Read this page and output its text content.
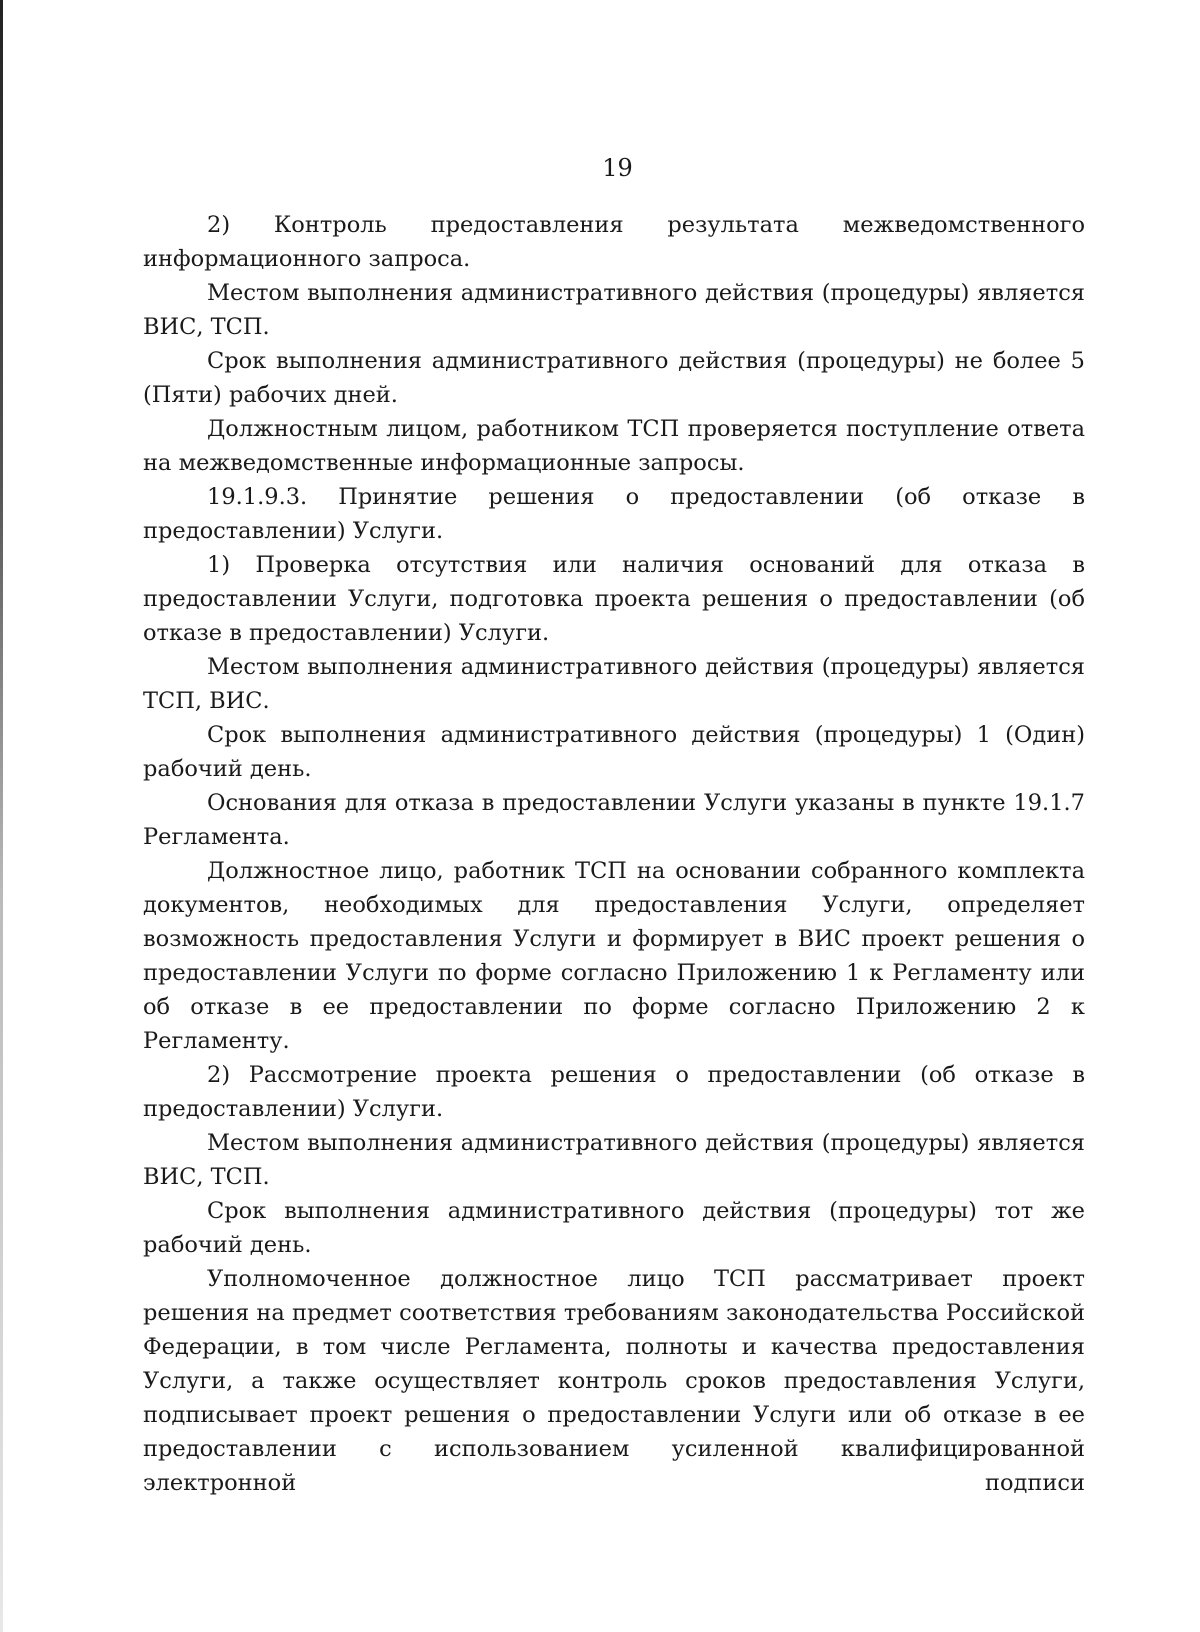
19

2) Контроль предоставления результата межведомственного информационного запроса.

Местом выполнения административного действия (процедуры) является ВИС, ТСП.

Срок выполнения административного действия (процедуры) не более 5 (Пяти) рабочих дней.

Должностным лицом, работником ТСП проверяется поступление ответа на межведомственные информационные запросы.

19.1.9.3. Принятие решения о предоставлении (об отказе в предоставлении) Услуги.

1) Проверка отсутствия или наличия оснований для отказа в предоставлении Услуги, подготовка проекта решения о предоставлении (об отказе в предоставлении) Услуги.

Местом выполнения административного действия (процедуры) является ТСП, ВИС.

Срок выполнения административного действия (процедуры) 1 (Один) рабочий день.

Основания для отказа в предоставлении Услуги указаны в пункте 19.1.7 Регламента.

Должностное лицо, работник ТСП на основании собранного комплекта документов, необходимых для предоставления Услуги, определяет возможность предоставления Услуги и формирует в ВИС проект решения о предоставлении Услуги по форме согласно Приложению 1 к Регламенту или об отказе в ее предоставлении по форме согласно Приложению 2 к Регламенту.

2) Рассмотрение проекта решения о предоставлении (об отказе в предоставлении) Услуги.

Местом выполнения административного действия (процедуры) является ВИС, ТСП.

Срок выполнения административного действия (процедуры) тот же рабочий день.

Уполномоченное должностное лицо ТСП рассматривает проект решения на предмет соответствия требованиям законодательства Российской Федерации, в том числе Регламента, полноты и качества предоставления Услуги, а также осуществляет контроль сроков предоставления Услуги, подписывает проект решения о предоставлении Услуги или об отказе в ее предоставлении с использованием усиленной квалифицированной электронной подписи
